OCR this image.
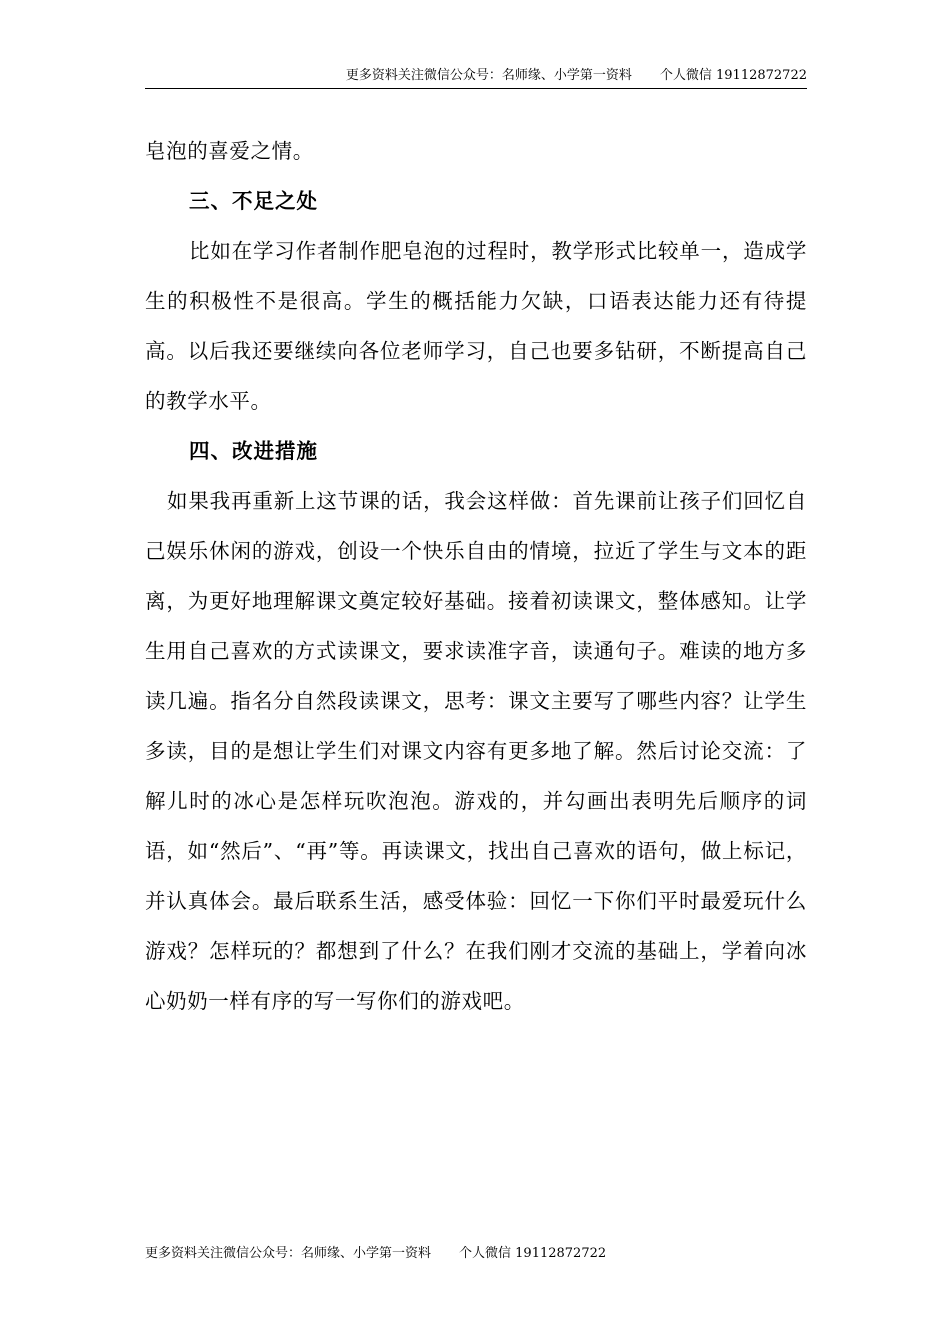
更多资料关注微信公众号：名师缘、小学第一资料 个人微信 19112872722

皂泡的喜爱之情。

三、不足之处

比如在学习作者制作肥皂泡的过程时，教学形式比较单一，造成学生的积极性不是很高。学生的概括能力欠缺，口语表达能力还有待提高。以后我还要继续向各位老师学习，自己也要多钻研，不断提高自己的教学水平。

四、改进措施

如果我再重新上这节课的话，我会这样做：首先课前让孩子们回忆自己娱乐休闲的游戏，创设一个快乐自由的情境，拉近了学生与文本的距离，为更好地理解课文奠定较好基础。接着初读课文，整体感知。让学生用自己喜欢的方式读课文，要求读准字音，读通句子。难读的地方多读几遍。指名分自然段读课文，思考：课文主要写了哪些内容？让学生多读，目的是想让学生们对课文内容有更多地了解。然后讨论交流：了解儿时的冰心是怎样玩吹泡泡。游戏的，并勾画出表明先后顺序的词语，如“然后”、“再”等。再读课文，找出自己喜欢的语句，做上标记，并认真体会。最后联系生活，感受体验：回忆一下你们平时最爱玩什么游戏？怎样玩的？都想到了什么？在我们刚才交流的基础上，学着向冰心奶奶一样有序的写一写你们的游戏吧。

更多资料关注微信公众号：名师缘、小学第一资料 个人微信 19112872722
